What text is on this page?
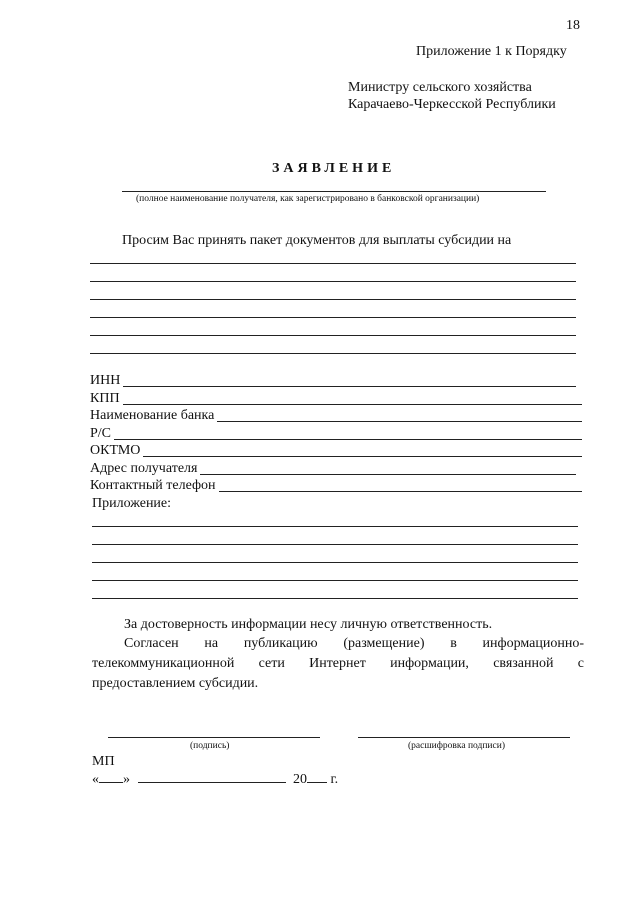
18
Приложение 1 к Порядку
Министру сельского хозяйства
Карачаево-Черкесской Республики
ЗАЯВЛЕНИЕ
(полное наименование получателя, как зарегистрировано в банковской организации)
Просим Вас принять пакет документов для выплаты субсидии на
ИНН
КПП
Наименование банка
Р/С
ОКТМО
Адрес получателя
Контактный телефон
Приложение:
За достоверность информации несу личную ответственность.
Согласен на публикацию (размещение) в информационно-телекоммуникационной сети Интернет информации, связанной с предоставлением субсидии.
(подпись)	(расшифровка подписи)
МП
« »	20 г.
